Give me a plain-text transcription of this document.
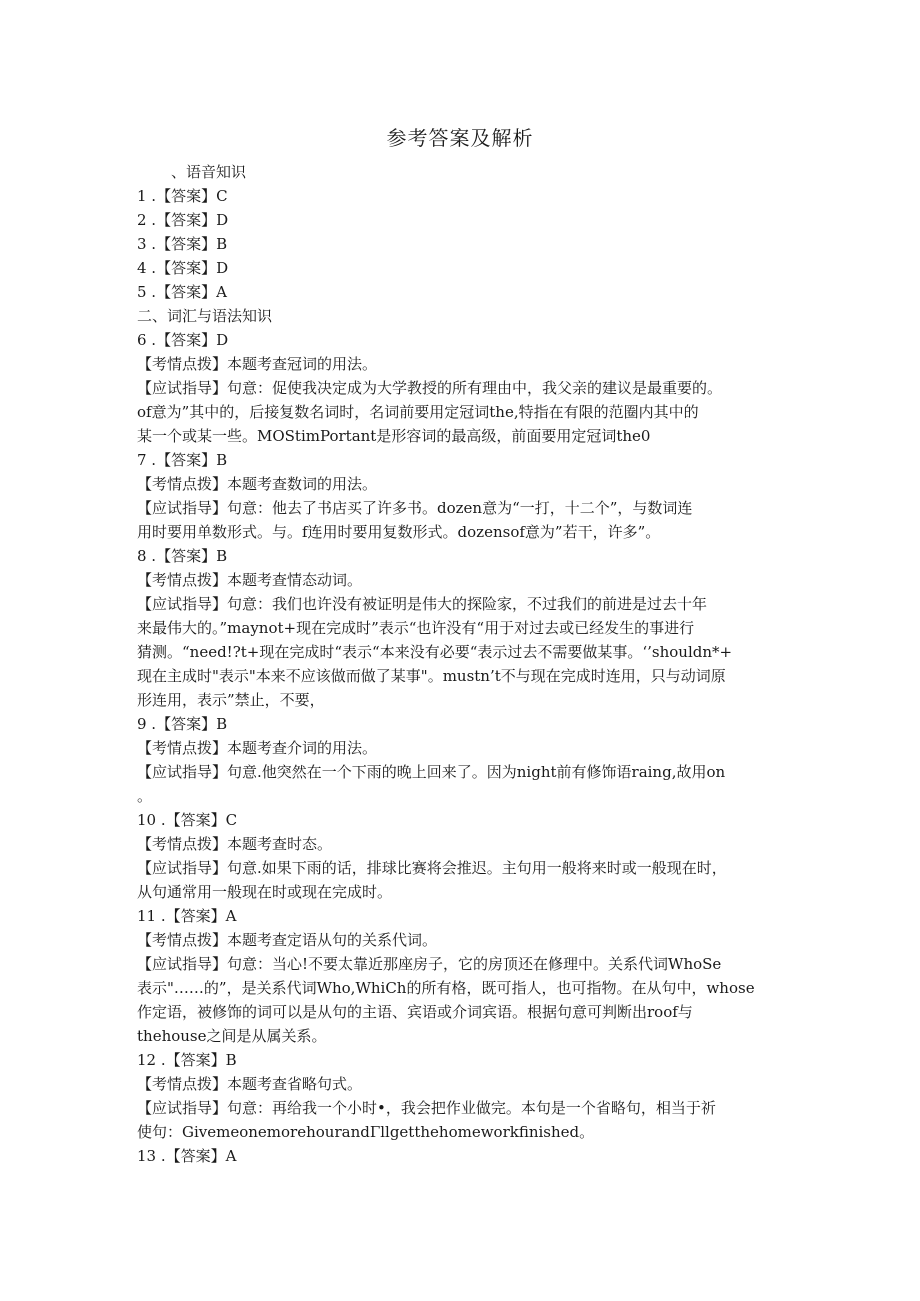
参考答案及解析
、语音知识
1 .【答案】C
2 .【答案】D
3 .【答案】B
4 .【答案】D
5 .【答案】A
二、词汇与语法知识
6 .【答案】D
【考情点拨】本题考查冠词的用法。
【应试指导】句意：促使我决定成为大学教授的所有理由中，我父亲的建议是最重要的。
of意为”其中的，后接复数名词时，名词前要用定冠词the,特指在有限的范圈内其中的
某一个或某一些。MOStimPortant是形容词的最高级，前面要用定冠词the0
7 .【答案】B
【考情点拨】本题考查数词的用法。
【应试指导】句意：他去了书店买了许多书。dozen意为“一打，十二个”，与数词连
用时要用单数形式。与。f连用时要用复数形式。dozensof意为”若干，许多”。
8 .【答案】B
【考情点拨】本题考查情态动词。
【应试指导】句意：我们也许没有被证明是伟大的探险家，不过我们的前进是过去十年
来最伟大的。”maynot+现在完成时”表示“也许没有“用于对过去或已经发生的事进行
猜测。“need!?t+现在完成时“表示“本来没有必要“表示过去不需要做某事。‘’shouldn*+
现在主成时"表示"本来不应该做而做了某事"。mustn’t不与现在完成时连用，只与动词原
形连用，表示”禁止，不要，
9 .【答案】B
【考情点拨】本题考查介词的用法。
【应试指导】句意.他突然在一个下雨的晚上回来了。因为night前有修饰语raing,故用on
。
10 .【答案】C
【考情点拨】本题考查时态。
【应试指导】句意.如果下雨的话，排球比赛将会推迟。主句用一般将来时或一般现在时，
从句通常用一般现在时或现在完成时。
11 .【答案】A
【考情点拨】本题考查定语从句的关系代词。
【应试指导】句意：当心!不要太靠近那座房子，它的房顶还在修理中。关系代词WhoSe
表示"……的”，是关系代词Who,WhiCh的所有格，既可指人，也可指物。在从句中，whose
作定语，被修饰的词可以是从句的主语、宾语或介词宾语。根据句意可判断出roof与
thehouse之间是从属关系。
12 .【答案】B
【考情点拨】本题考查省略句式。
【应试指导】句意：再给我一个小时•，我会把作业做完。本句是一个省略句，相当于祈
使句：GivemeonemorehourandΓllgetthehomeworkfinished。
13 .【答案】A
